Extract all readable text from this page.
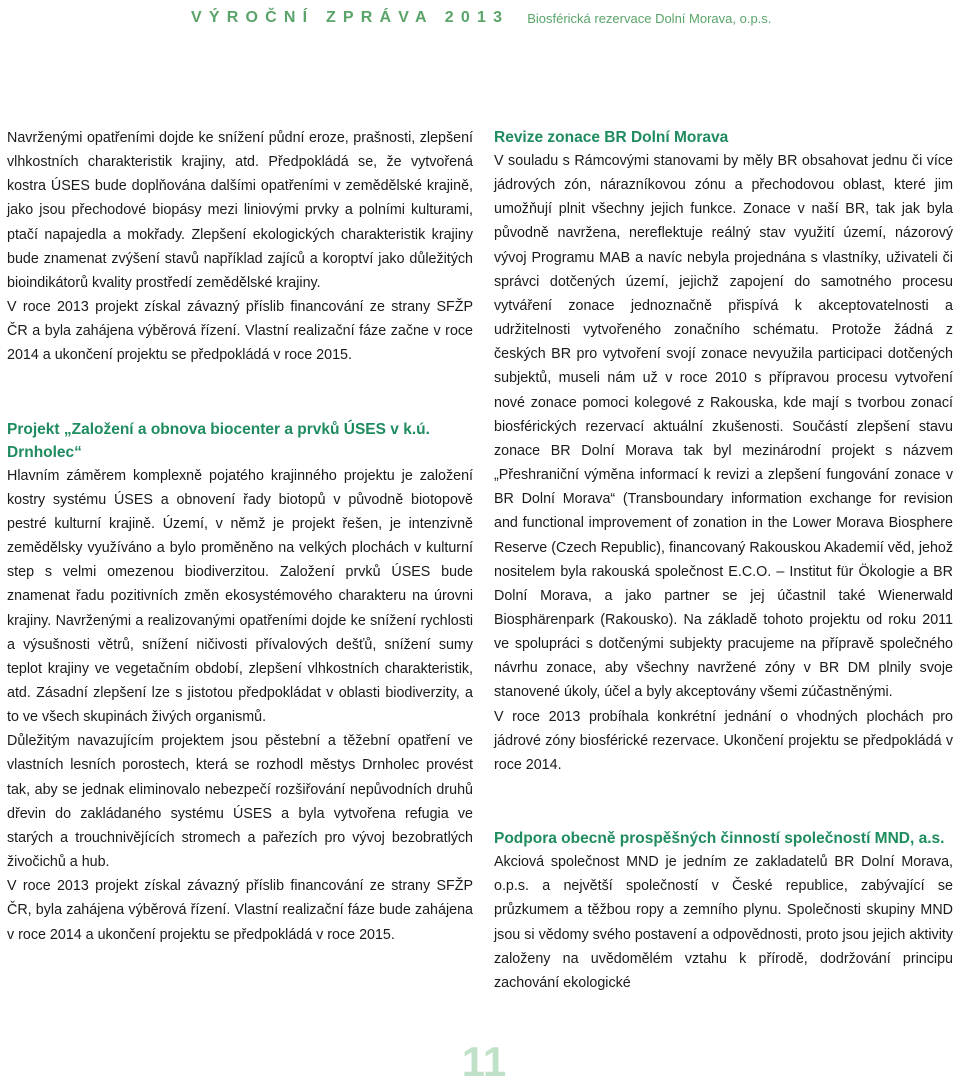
VÝROČNÍ ZPRÁVA 2013 Biosférická rezervace Dolní Morava, o.p.s.

Navrženými opatřeními dojde ke snížení půdní eroze, prašnosti, zlepšení vlhkostních charakteristik krajiny, atd. Předpokládá se, že vytvořená kostra ÚSES bude doplňována dalšími opatřeními v zemědělské krajině, jako jsou přechodové biopásy mezi liniovými prvky a polními kulturami, ptačí napajedla a mokřady. Zlepšení ekologických charakteristik krajiny bude znamenat zvýšení stavů například zajíců a koroptví jako důležitých bioindikátorů kvality prostředí zemědělské krajiny.

V roce 2013 projekt získal závazný příslib financování ze strany SFŽP ČR a byla zahájena výběrová řízení. Vlastní realizační fáze začne v roce 2014 a ukončení projektu se předpokládá v roce 2015.

Projekt „Založení a obnova biocenter a prvků ÚSES v k.ú. Drnholec“

Hlavním záměrem komplexně pojatého krajinného projektu je založení kostry systému ÚSES a obnovení řady biotopů v původně biotopově pestré kulturní krajině. Území, v němž je projekt řešen, je intenzivně zemědělsky využíváno a bylo proměněno na velkých plochách v kulturní step s velmi omezenou biodiverzitou. Založení prvků ÚSES bude znamenat řadu pozitivních změn ekosystémového charakteru na úrovni krajiny. Navrženými a realizovanými opatřeními dojde ke snížení rychlosti a výsušnosti větrů, snížení ničivosti přívalových dešťů, snížení sumy teplot krajiny ve vegetačním období, zlepšení vlhkostních charakteristik, atd. Zásadní zlepšení lze s jistotou předpokládat v oblasti biodiverzity, a to ve všech skupinách živých organismů.

Důležitým navazujícím projektem jsou pěstební a těžební opatření ve vlastních lesních porostech, která se rozhodl městys Drnholec provést tak, aby se jednak eliminovalo nebezpečí rozšiřování nepůvodních druhů dřevin do zakládaného systému ÚSES a byla vytvořena refugia ve starých a trouchnivějících stromech a pařezích pro vývoj bezobratlých živočichů a hub.

V roce 2013 projekt získal závazný příslib financování ze strany SFŽP ČR, byla zahájena výběrová řízení. Vlastní realizační fáze bude zahájena v roce 2014 a ukončení projektu se předpokládá v roce 2015.

Revize zonace BR Dolní Morava

V souladu s Rámcovými stanovami by měly BR obsahovat jednu či více jádrových zón, nárazníkovou zónu a přechodovou oblast, které jim umožňují plnit všechny jejich funkce. Zonace v naší BR, tak jak byla původně navržena, nereflektuje reálný stav využití území, názorový vývoj Programu MAB a navíc nebyla projednána s vlastníky, uživateli či správci dotčených území, jejichž zapojení do samotného procesu vytváření zonace jednoznačně přispívá k akceptovatelnosti a udržitelnosti vytvořeného zonačního schématu. Protože žádná z českých BR pro vytvoření svojí zonace nevyužila participaci dotčených subjektů, museli nám už v roce 2010 s přípravou procesu vytvoření nové zonace pomoci kolegové z Rakouska, kde mají s tvorbou zonací biosférických rezervací aktuální zkušenosti. Součástí zlepšení stavu zonace BR Dolní Morava tak byl mezinárodní projekt s názvem „Přeshraniční výměna informací k revizi a zlepšení fungování zonace v BR Dolní Morava“ (Transboundary information exchange for revision and functional improvement of zonation in the Lower Morava Biosphere Reserve (Czech Republic), financovaný Rakouskou Akademií věd, jehož nositelem byla rakouská společnost E.C.O. – Institut für Ökologie a BR Dolní Morava, a jako partner se jej účastnil také Wienerwald Biosphärenpark (Rakousko). Na základě tohoto projektu od roku 2011 ve spolupráci s dotčenými subjekty pracujeme na přípravě společného návrhu zonace, aby všechny navržené zóny v BR DM plnily svoje stanovené úkoly, účel a byly akceptovány všemi zúčastněnými.

V roce 2013 probíhala konkrétní jednání o vhodných plochách pro jádrové zóny biosférické rezervace. Ukončení projektu se předpokládá v roce 2014.

Podpora obecně prospěšných činností společností MND, a.s.

Akciová společnost MND je jedním ze zakladatelů BR Dolní Morava, o.p.s. a největší společností v České republice, zabývající se průzkumem a těžbou ropy a zemního plynu. Společnosti skupiny MND jsou si vědomy svého postavení a odpovědnosti, proto jsou jejich aktivity založeny na uvědomělém vztahu k přírodě, dodržování principu zachování ekologické

11
